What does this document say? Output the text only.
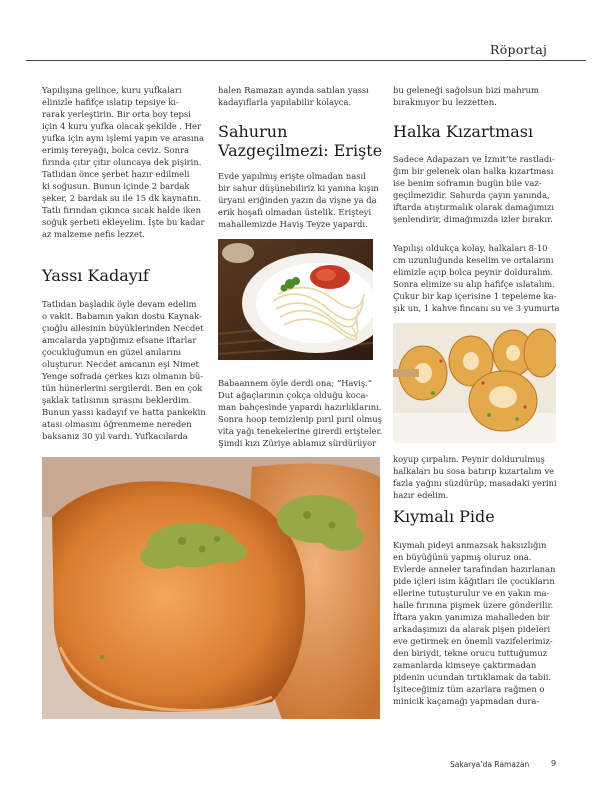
Röportaj
Yapılışına gelince, kuru yufkaları
elinizle hafifçe ıslatıp tepsiye kı-
rarak yerleştirin. Bir orta boy tepsi
için 4 kuru yufka olacak şekilde . Her
yufka için aynı işlemi yapın ve arasına
erimiş tereyağı, bolca ceviz. Sonra
fırında çıtır çıtır oluncaya dek pişirin.
Tatlıdan önce şerbet hazır edilmeli
ki soğusun. Bunun içinde 2 bardak
şeker, 2 bardak su ile 15 dk kaynatın.
Tatlı fırından çıkınca sıcak halde iken
soğuk şerbeti ekleyelim. İşte bu kadar
az malzeme nefis lezzet.
Yassı Kadayıf
Tatlıdan başladık öyle devam edelim
o vakit. Babamın yakın dostu Kaynak-
çıoğlu ailesinin büyüklerinden Necdet
amcalarda yaptığımız efsane iftarlar
çocukluğumun en güzel anılarını
oluşturur. Necdet amcanın eşi Nimet
Yenge sofrada çerkes kızı olmanın bü-
tün hünerlerini sergilerdi. Ben en çok
şaklak tatlısının sırasını beklerdim.
Bunun yassı kadayıf ve hatta pankekin
atası olmasını öğrenmeme nereden
baksanız 30 yıl vardı. Yufkacılarda
halen Ramazan ayında satılan yassı
kadayıflarla yapılabilir kolayca.
Sahurun
Vazgeçilmezi: Erişte
Evde yapılmış erişte olmadan nasıl
bir sahur düşünebiliriz ki yanına kışın
üryani eriğinden yazın da vişne ya da
erik hoşafı olmadan üstelik. Erişteyi
mahallemizde Haviş Teyze yapardı.
Babaannem öyle derdi ona; “Haviş.”
Dut ağaçlarının çokça olduğu koca-
man bahçesinde yapardı hazırlıklarını.
Sonra hoop temizlenip pırıl pırıl olmuş
vita yağı tenekelerine girerdi erişteler.
Şimdi kızı Züriye ablamız sürdürüyor
bu geleneği sağolsun bizi mahrum
bırakmıyor bu lezzetten.
Halka Kızartması
Sadece Adapazarı ve İzmit’te rastladı-
ğım bir gelenek olan halka kızartması
ise benim soframın bugün bile vaz-
geçilmezidir. Sahurda çayın yanında,
iftarda atıştırmalık olarak damağımızı
şenlendirir, dimağımızda izler bırakır.
Yapılışı oldukça kolay, halkaları 8-10
cm uzunluğunda keselim ve ortalarını
elimizle açıp bolca peynir dolduralım.
Sonra elimize su alıp hafifçe ıslatalım.
Çukur bir kap içerisine 1 tepeleme ka-
şık un, 1 kahve fincanı su ve 3 yumurta
koyup çırpalım. Peynir doldurulmuş
halkaları bu sosa batırıp kızartalım ve
fazla yağını süzdürüp, masadaki yerini
hazır edelim.
Kıymalı Pide
Kıymalı pideyi anmazsak haksızlığın
en büyüğünü yapmış oluruz ona.
Evlerde anneler tarafından hazırlanan
pide içleri isim kâğıtları ile çocukların
ellerine tutuşturulur ve en yakın ma-
halle fırınına pişmek üzere gönderilir.
İftara yakın yanımıza mahalleden bir
arkadaşımızı da alarak pişen pideleri
eve getirmek en önemli vazifelerimiz-
den biriydi, tekne orucu tuttuğumuz
zamanlarda kimseye çaktırmadan
pidenin ucundan tırtıklamak da tabii.
İşiteceğimiz tüm azarlara rağmen o
minicik kaçamağı yapmadan dura-
Sakarya’da Ramazan	9
